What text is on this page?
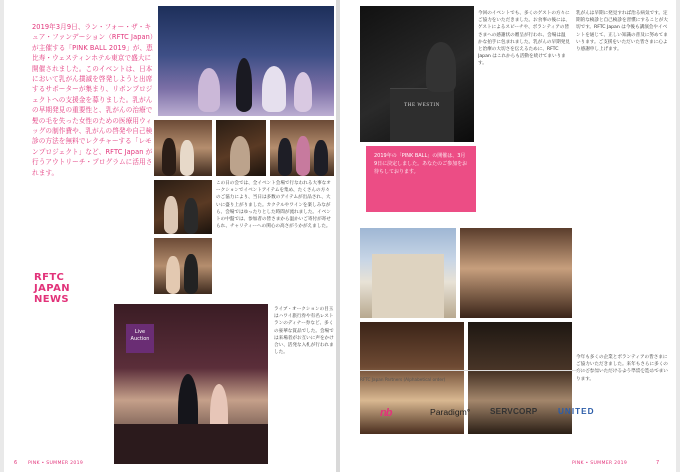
2019年3月9日、ラン・フォー・ザ・キュア・ファンデーション（RFTC Japan）が主催する「PINK BALL 2019」が、恵比寿・ウェスティンホテル東京で盛大に開催されました。このイベントは、日本において乳がん撲滅を啓発しようと出席するサポーターが集まり、リボンプロジェクトへの支援金を募りました。乳がんの早期発見の重要性と、乳がんの治療で髪の毛を失った女性のための医療用ウィッグの制作費や、乳がんの啓発や自己検診の方法を無料でレクチャーする「レモンプロジェクト」など、RFTC Japan が行うアウトリーチ・プログラムに活用されます。
この日の会では、全イベント会場で行なわれる大事なオークションでイベントアイテムを集め、たくさんの方々のご協力により、当日は多数のアイテムが出品され、大いに盛り上がりました。カクテルやワインを楽しみながら、会場ではゆったりとした時間が流れました。イベントの中盤では、参加者の皆さまから温かいご寄付が寄せられ、チャリティーへの関心の高さがうかがえました。
RFTC
JAPAN
NEWS
Live Auction
ライブ・オークションの目玉はハワイ旅行券や有名レストランのディナー券など、多くの豪華な賞品でした。会場では来場者がお互いに声をかけ合い、活発な入札が行われました。
PINK • SUMMER 2019
6
THE WESTIN
今回のイベントでも、多くのゲストの方々にご協力をいただきました。お食事の後には、ゲストによるスピーチや、ボランティアの皆さまへの感謝状の贈呈が行われ、会場は温かな拍手に包まれました。乳がんの早期発見と治療の大切さを伝えるために、RFTC Japan はこれからも活動を続けてまいります。
乳がんは早期に発見すれば治る病気です。定期的な検診と自己検診を習慣にすることが大切です。RFTC Japan は今後も講演会やイベントを通じて、正しい知識の普及に努めてまいります。ご支援をいただいた皆さまに心より感謝申し上げます。
2019年の「PINK BALL」の開催は、3月9日に決定しました。あなたのご参加をお待ちしております。
今年も多くの企業とボランティアの皆さまにご協力いただきました。来年もさらに多くの方にご参加いただけるよう準備を進めてまいります。
RFTC Japan Partners (Alphabetical order)
nb	Paradigm° SERVCORP	UNITED
PINK • SUMMER 2019	7
